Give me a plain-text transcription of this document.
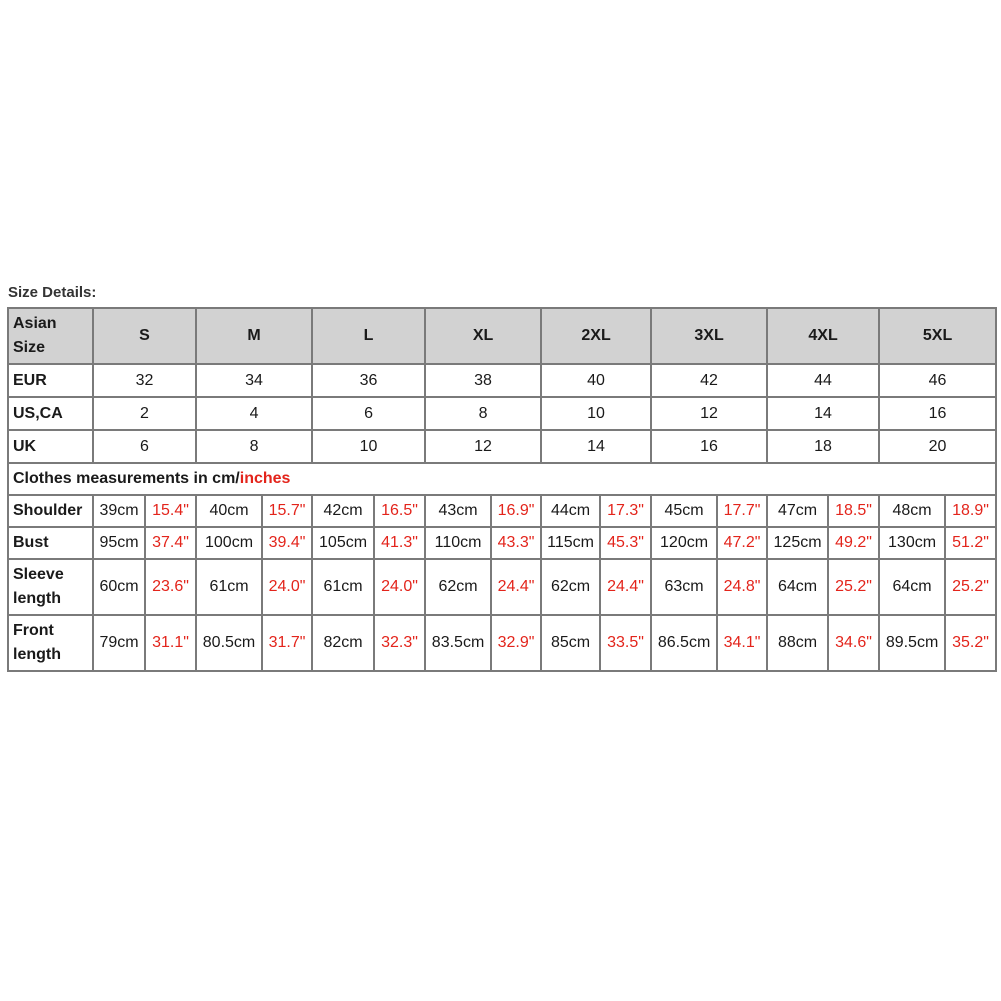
Size Details:
Asian Size	S		M		L		XL		2XL		3XL		4XL		5XL	
EUR	32		34		36		38		40		42		44		46	
US,CA	2		4		6		8		10		12		14		16	
UK	6		8		10		12		14		16		18		20	
Clothes measurements in cm/inches																
Shoulder	39cm	15.4"	40cm	15.7"	42cm	16.5"	43cm	16.9"	44cm	17.3"	45cm	17.7"	47cm	18.5"	48cm	18.9"
Bust	95cm	37.4"	100cm	39.4"	105cm	41.3"	110cm	43.3"	115cm	45.3"	120cm	47.2"	125cm	49.2"	130cm	51.2"
Sleeve length	60cm	23.6"	61cm	24.0"	61cm	24.0"	62cm	24.4"	62cm	24.4"	63cm	24.8"	64cm	25.2"	64cm	25.2"
Front length	79cm	31.1"	80.5cm	31.7"	82cm	32.3"	83.5cm	32.9"	85cm	33.5"	86.5cm	34.1"	88cm	34.6"	89.5cm	35.2"
